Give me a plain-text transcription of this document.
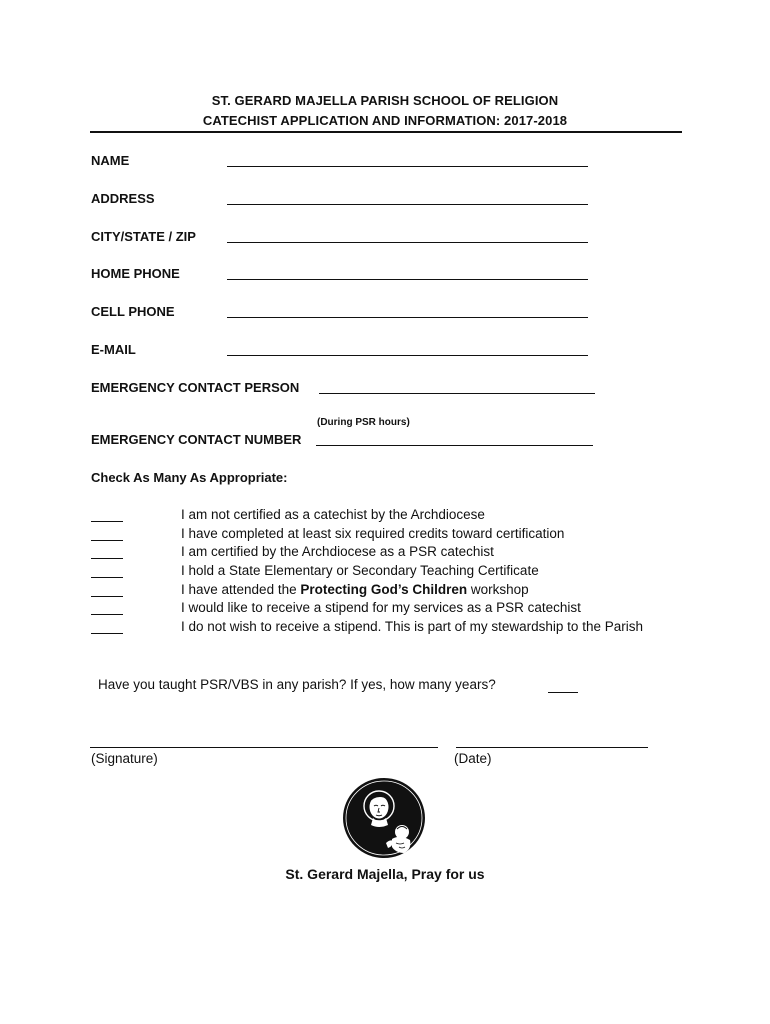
ST. GERARD MAJELLA PARISH SCHOOL OF RELIGION
CATECHIST APPLICATION AND INFORMATION: 2017-2018
NAME
ADDRESS
CITY/STATE / ZIP
HOME PHONE
CELL PHONE
E-MAIL
EMERGENCY CONTACT PERSON
(During PSR hours)
EMERGENCY CONTACT NUMBER
Check As Many As Appropriate:
I am not certified as a catechist by the Archdiocese
I have completed at least six required credits toward certification
I am certified by the Archdiocese as a PSR catechist
I hold a State Elementary or Secondary Teaching Certificate
I have attended the Protecting God’s Children workshop
I would like to receive a stipend for my services as a PSR catechist
I do not wish to receive a stipend. This is part of my stewardship to the Parish
Have you taught PSR/VBS in any parish? If yes, how many years?
(Signature)	(Date)
St. Gerard Majella, Pray for us
